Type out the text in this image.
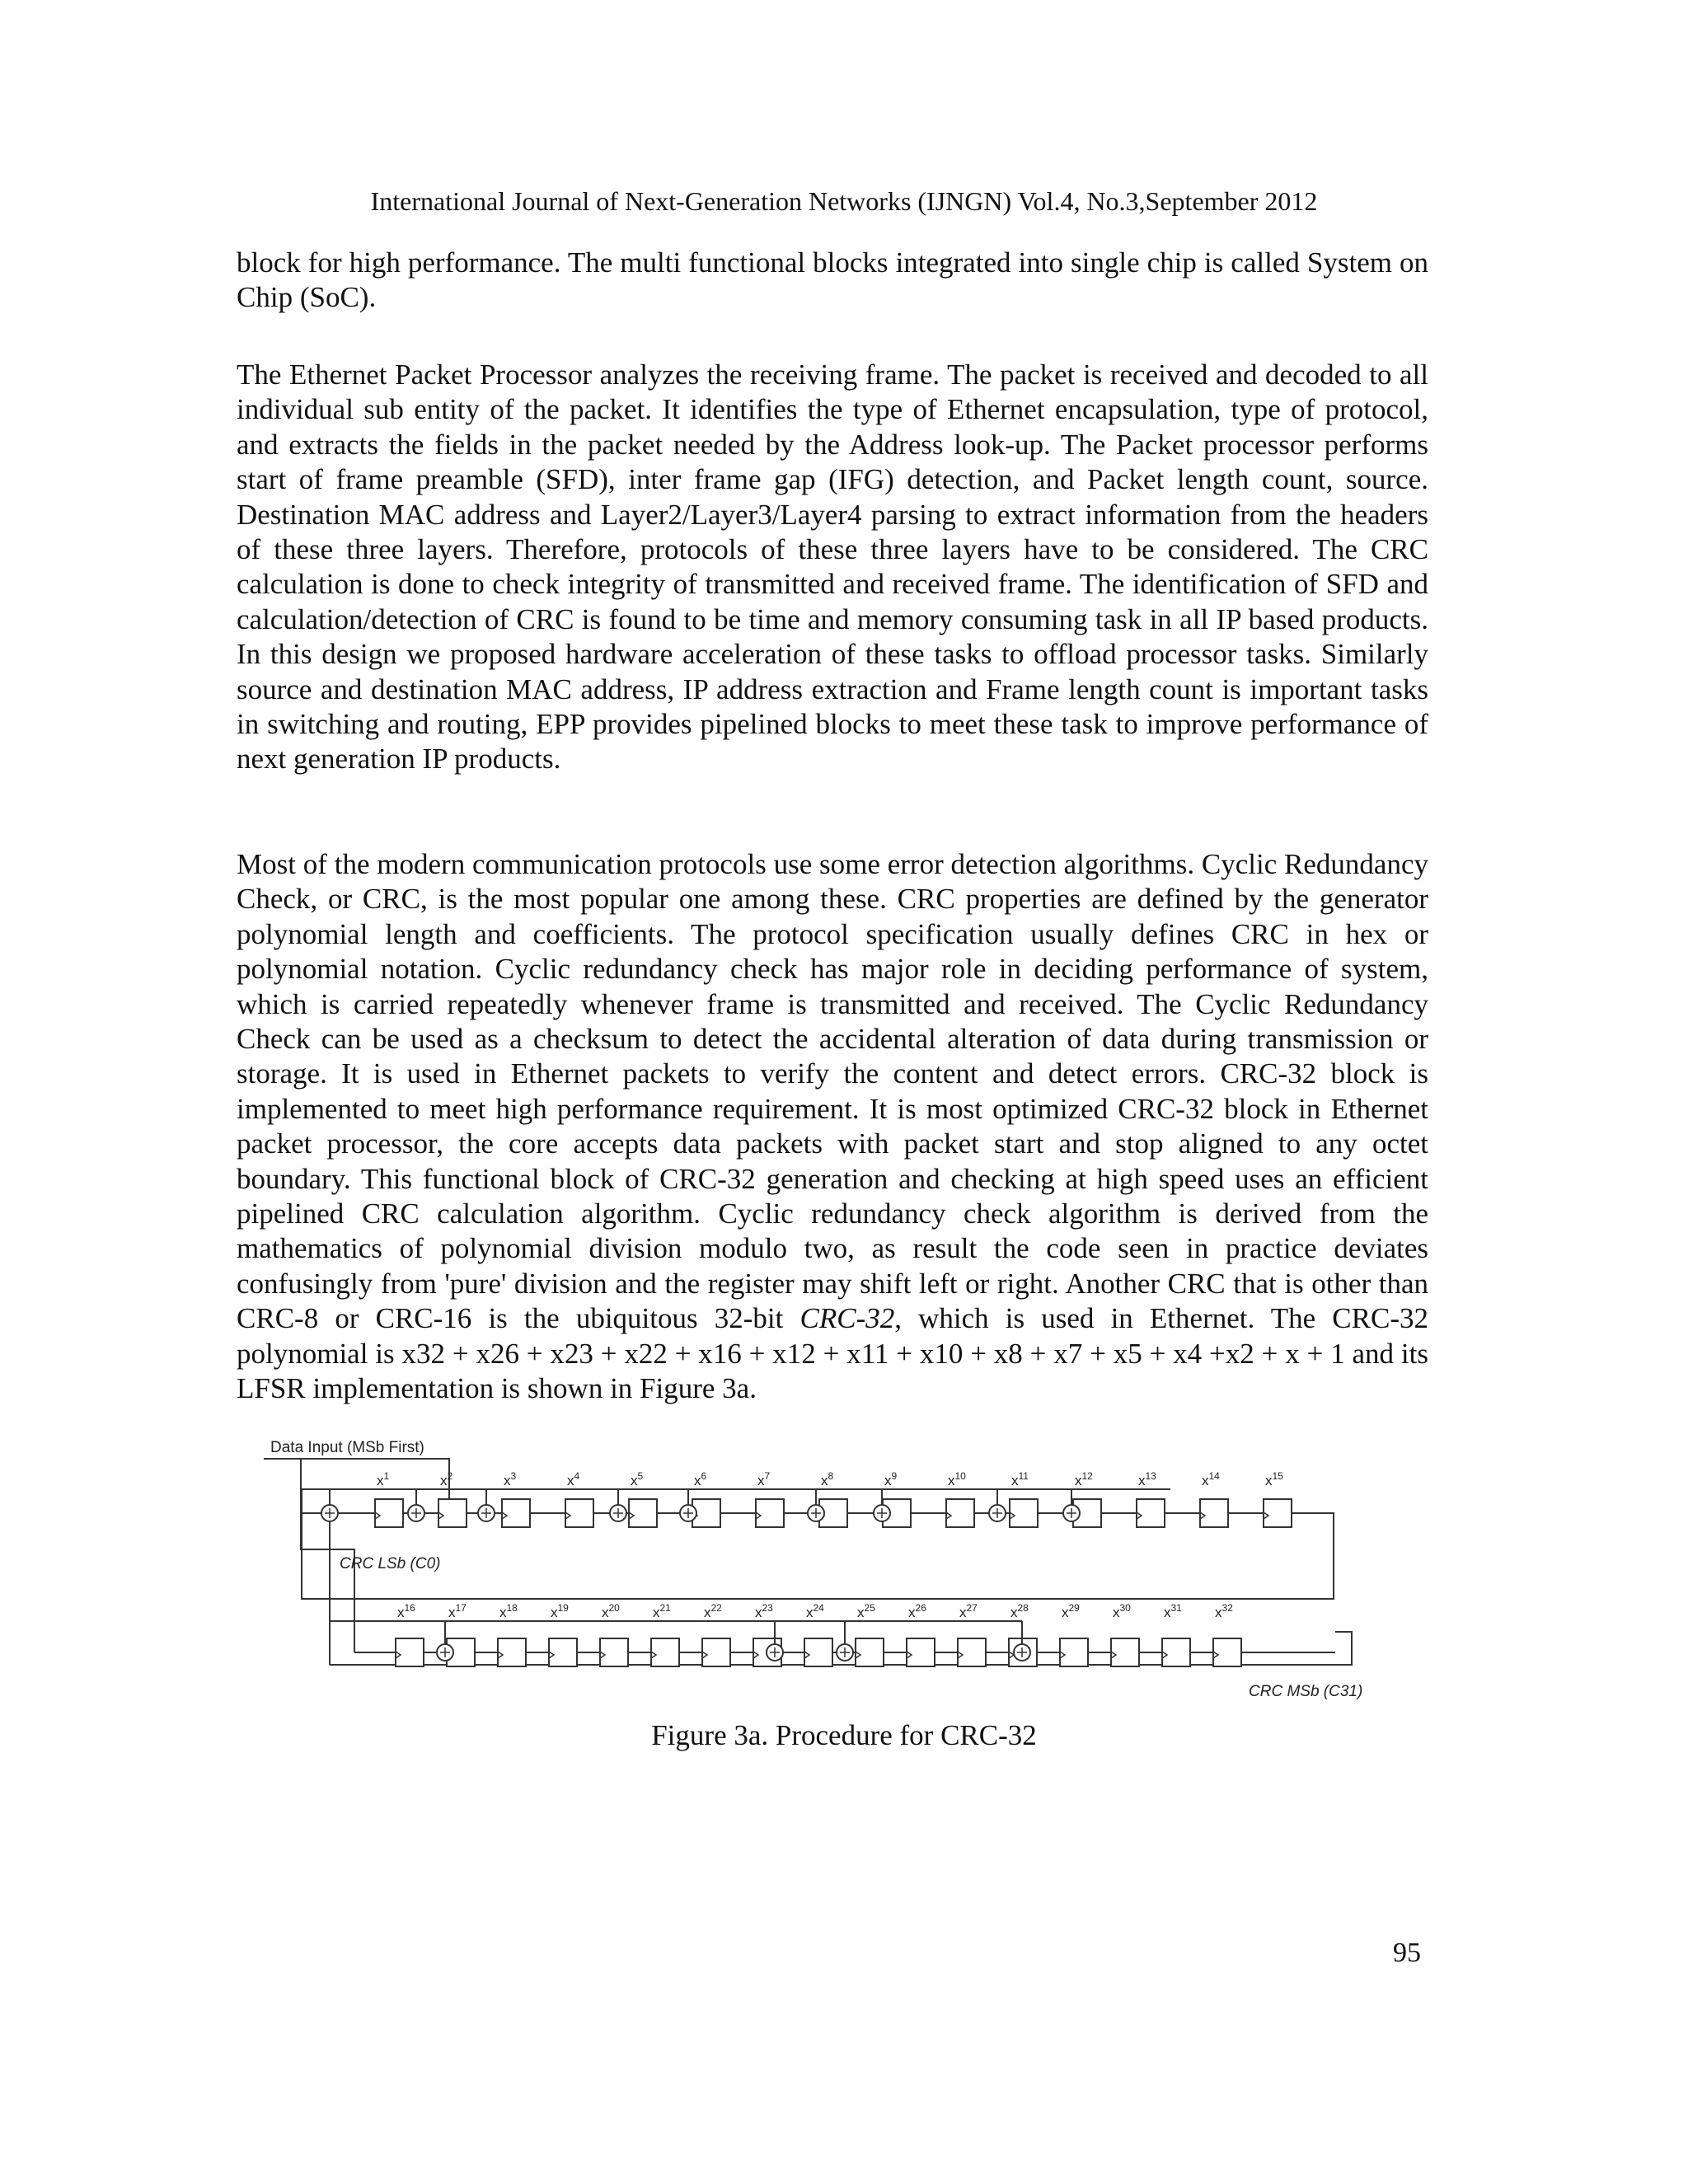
International Journal of Next-Generation Networks (IJNGN) Vol.4, No.3,September 2012

block for high performance. The multi functional blocks integrated into single chip is called System on Chip (SoC).

The Ethernet Packet Processor analyzes the receiving frame. The packet is received and decoded to all individual sub entity of the packet. It identifies the type of Ethernet encapsulation, type of protocol, and extracts the fields in the packet needed by the Address look-up. The Packet processor performs start of frame preamble (SFD), inter frame gap (IFG) detection, and Packet length count, source. Destination MAC address and Layer2/Layer3/Layer4 parsing to extract information from the headers of these three layers. Therefore, protocols of these three layers have to be considered. The CRC calculation is done to check integrity of transmitted and received frame. The identification of SFD and calculation/detection of CRC is found to be time and memory consuming task in all IP based products. In this design we proposed hardware acceleration of these tasks to offload processor tasks. Similarly source and destination MAC address, IP address extraction and Frame length count is important tasks in switching and routing, EPP provides pipelined blocks to meet these task to improve performance of next generation IP products.

Most of the modern communication protocols use some error detection algorithms. Cyclic Redundancy Check, or CRC, is the most popular one among these. CRC properties are defined by the generator polynomial length and coefficients. The protocol specification usually defines CRC in hex or polynomial notation. Cyclic redundancy check has major role in deciding performance of system, which is carried repeatedly whenever frame is transmitted and received. The Cyclic Redundancy Check can be used as a checksum to detect the accidental alteration of data during transmission or storage. It is used in Ethernet packets to verify the content and detect errors. CRC-32 block is implemented to meet high performance requirement. It is most optimized CRC-32 block in Ethernet packet processor, the core accepts data packets with packet start and stop aligned to any octet boundary. This functional block of CRC-32 generation and checking at high speed uses an efficient pipelined CRC calculation algorithm. Cyclic redundancy check algorithm is derived from the mathematics of polynomial division modulo two, as result the code seen in practice deviates confusingly from 'pure' division and the register may shift left or right. Another CRC that is other than CRC-8 or CRC-16 is the ubiquitous 32-bit CRC-32, which is used in Ethernet. The CRC-32 polynomial is x32 + x26 + x23 + x22 + x16 + x12 + x11 + x10 + x8 + x7 + x5 + x4 +x2 + x + 1 and its LFSR implementation is shown in Figure 3a.

$x^1$	$x^2$	$x^3$	$x^4$	$x^5$	$x^6$	$x^7$	$x^8$	$x^9$	$x^{10}$	$x^{11}$	$x^{12}$	$x^{13}$	$x^{14}$	$x^{15}$
$x^{16}$ $x^{17}$ $x^{18}$ $x^{19}$ $x^{20}$ $x^{21}$ $x^{22}$ $x^{23}$ $x^{24}$ $x^{25}$ $x^{26}$ $x^{27}$ $x^{28}$ $x^{29}$ $x^{30}$ $x^{31}$ $x^{32}$
Data Input (MSb First)
CRC LSb (C0)
CRC MSb (C31)
Figure 3a. Procedure for CRC-32
95
